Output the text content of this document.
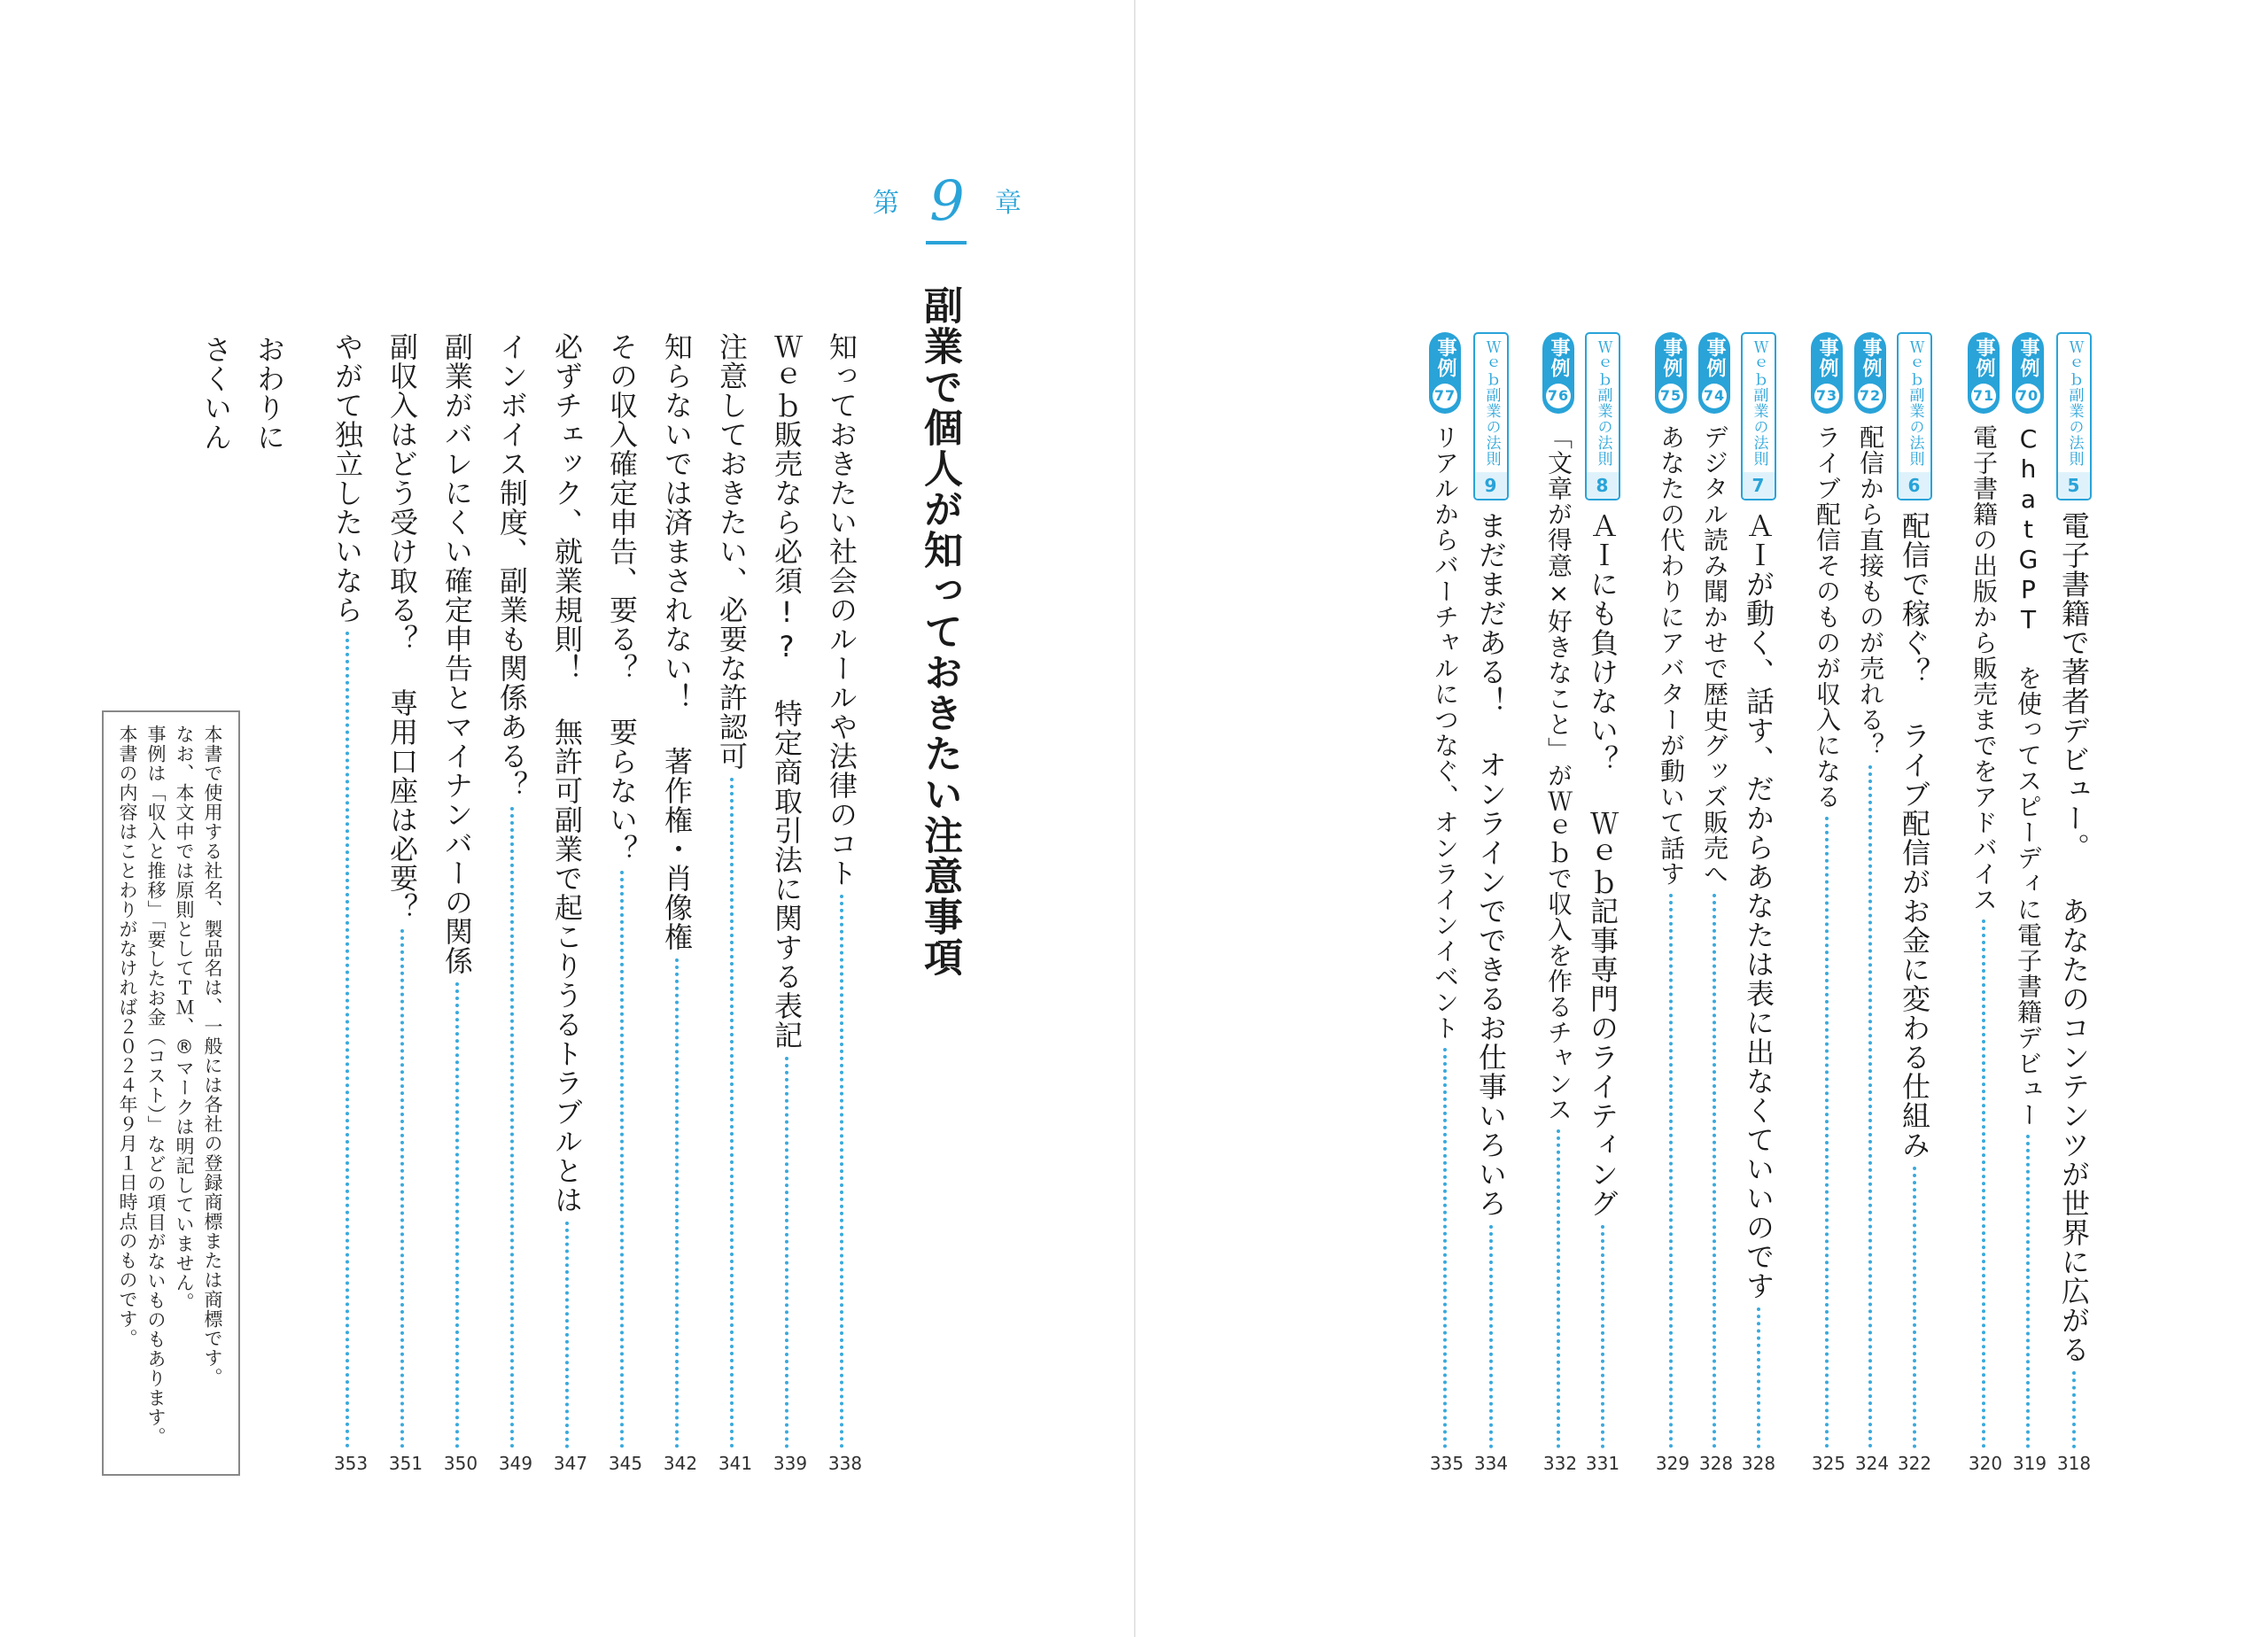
第 9	章
副業で個人が知っておきたい注意事項
知っておきたい社会のルールや法律のコト
338
Ｗｅｂ販売なら必須!? 特定商取引法に関する表記
339
注意しておきたい、必要な許認可
341
知らないでは済まされない！ 著作権・肖像権
342
その収入確定申告、要る？ 要らない？
345
必ずチェック、就業規則！ 無許可副業で起こりうるトラブルとは
347
インボイス制度、副業も関係ある？
349
副業がバレにくい確定申告とマイナンバーの関係
350
副収入はどう受け取る？ 専用口座は必要？
351
やがて独立したいなら
353
おわりに
さくいん
本書で使用する社名、製品名は、一般には各社の登録商標または商標です。
なお、本文中では原則としてＴＭ、®マークは明記していません。
事例は「収入と推移」「要したお金（コスト）」などの項目がないものもあります。
本書の内容はことわりがなければ２０２４年９月１日時点のものです。
Ｗｅｂ副業の法則
5
電子書籍で著者デビュー。 あなたのコンテンツが世界に広がる
318
事例
70
ChatGPT を使ってスピーディに電子書籍デビュー
319
事例
71
電子書籍の出版から販売までをアドバイス
320
Ｗｅｂ副業の法則
6
配信で稼ぐ？ ライブ配信がお金に変わる仕組み
322
事例
72
配信から直接ものが売れる？
324
事例
73
ライブ配信そのものが収入になる
325
Ｗｅｂ副業の法則
7
ＡＩが動く、話す、だからあなたは表に出なくていいのです
328
事例
74
デジタル読み聞かせで歴史グッズ販売へ
328
事例
75
あなたの代わりにアバターが動いて話す
329
Ｗｅｂ副業の法則
8
ＡＩにも負けない？ Ｗｅｂ記事専門のライティング
331
事例
76
「文章が得意×好きなこと」がＷｅｂで収入を作るチャンス
332
Ｗｅｂ副業の法則
9
まだまだある！ オンラインでできるお仕事いろいろ
334
事例
77
リアルからバーチャルにつなぐ、オンラインイベント
335
